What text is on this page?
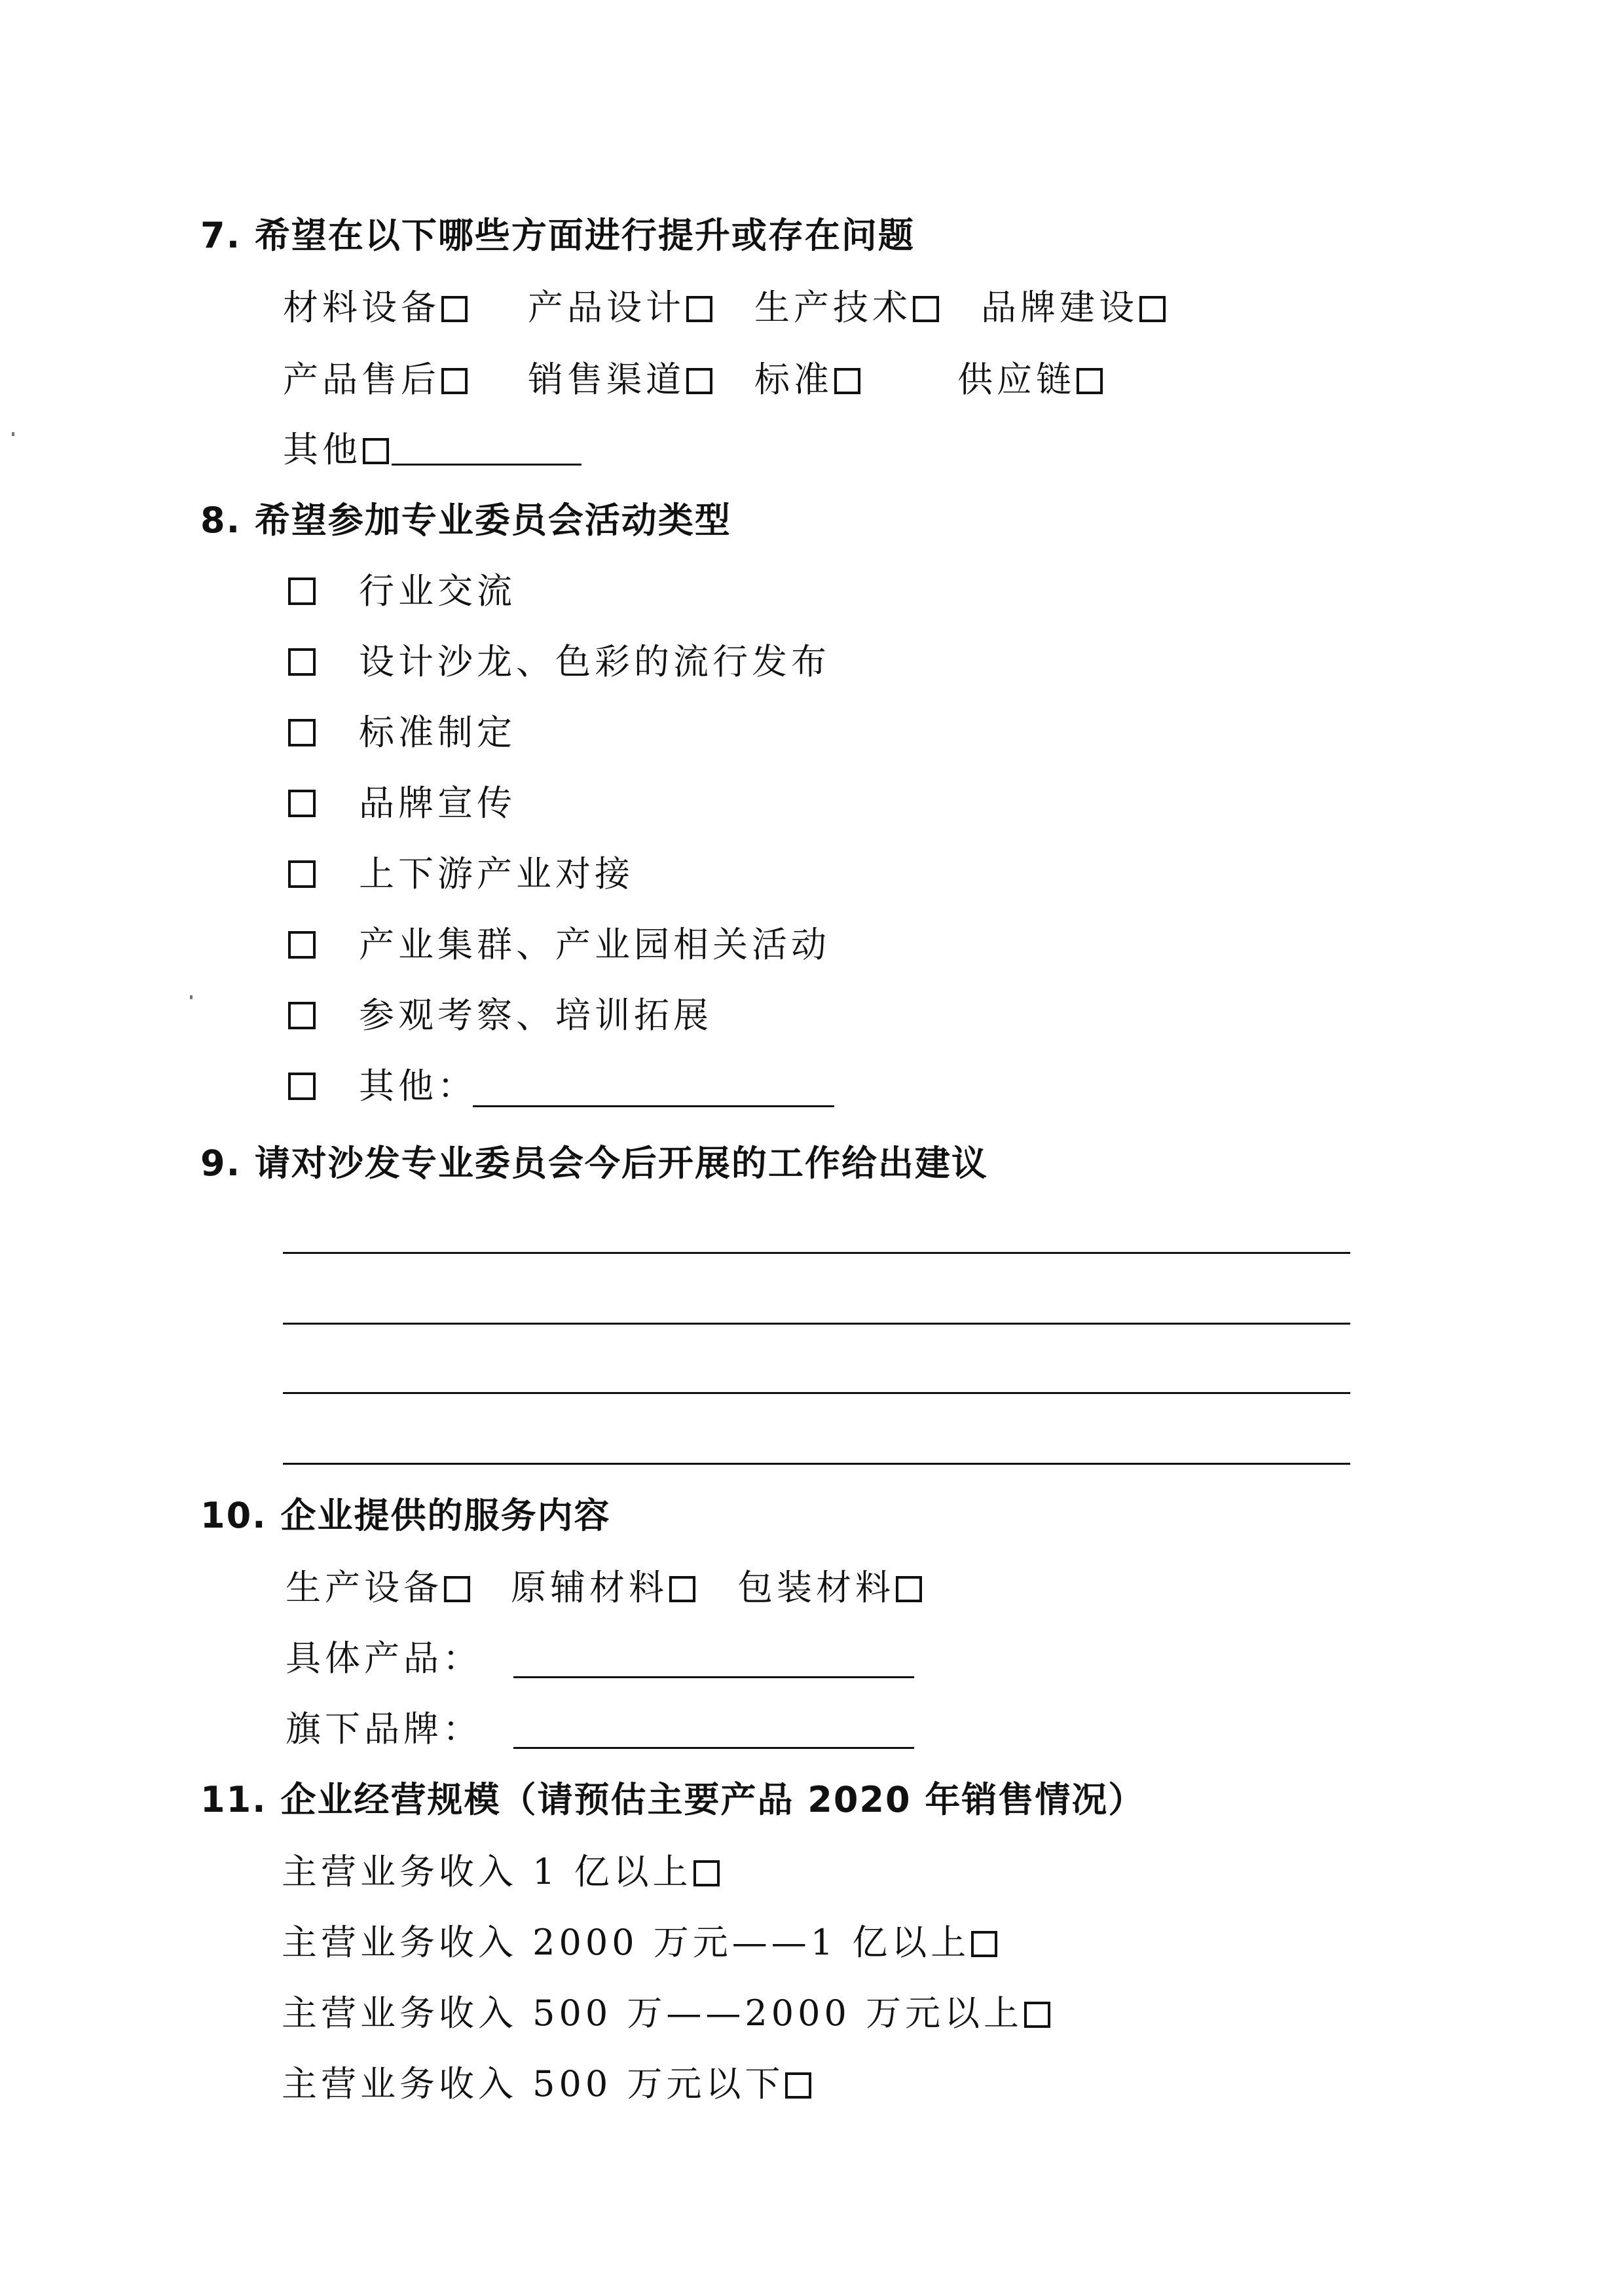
7. 希望在以下哪些方面进行提升或存在问题
材料设备	产品设计	生产技术	品牌建设
产品售后	销售渠道	标准	供应链
其他
8. 希望参加专业委员会活动类型
行业交流
设计沙龙、色彩的流行发布
标准制定
品牌宣传
上下游产业对接
产业集群、产业园相关活动
参观考察、培训拓展
其他：
9. 请对沙发专业委员会今后开展的工作给出建议
10. 企业提供的服务内容
生产设备	原辅材料	包装材料
具体产品：
旗下品牌：
11. 企业经营规模（请预估主要产品 2020 年销售情况）
主营业务收入 1 亿以上
主营业务收入 2000 万元——1 亿以上
主营业务收入 500 万——2000 万元以上
主营业务收入 500 万元以下
